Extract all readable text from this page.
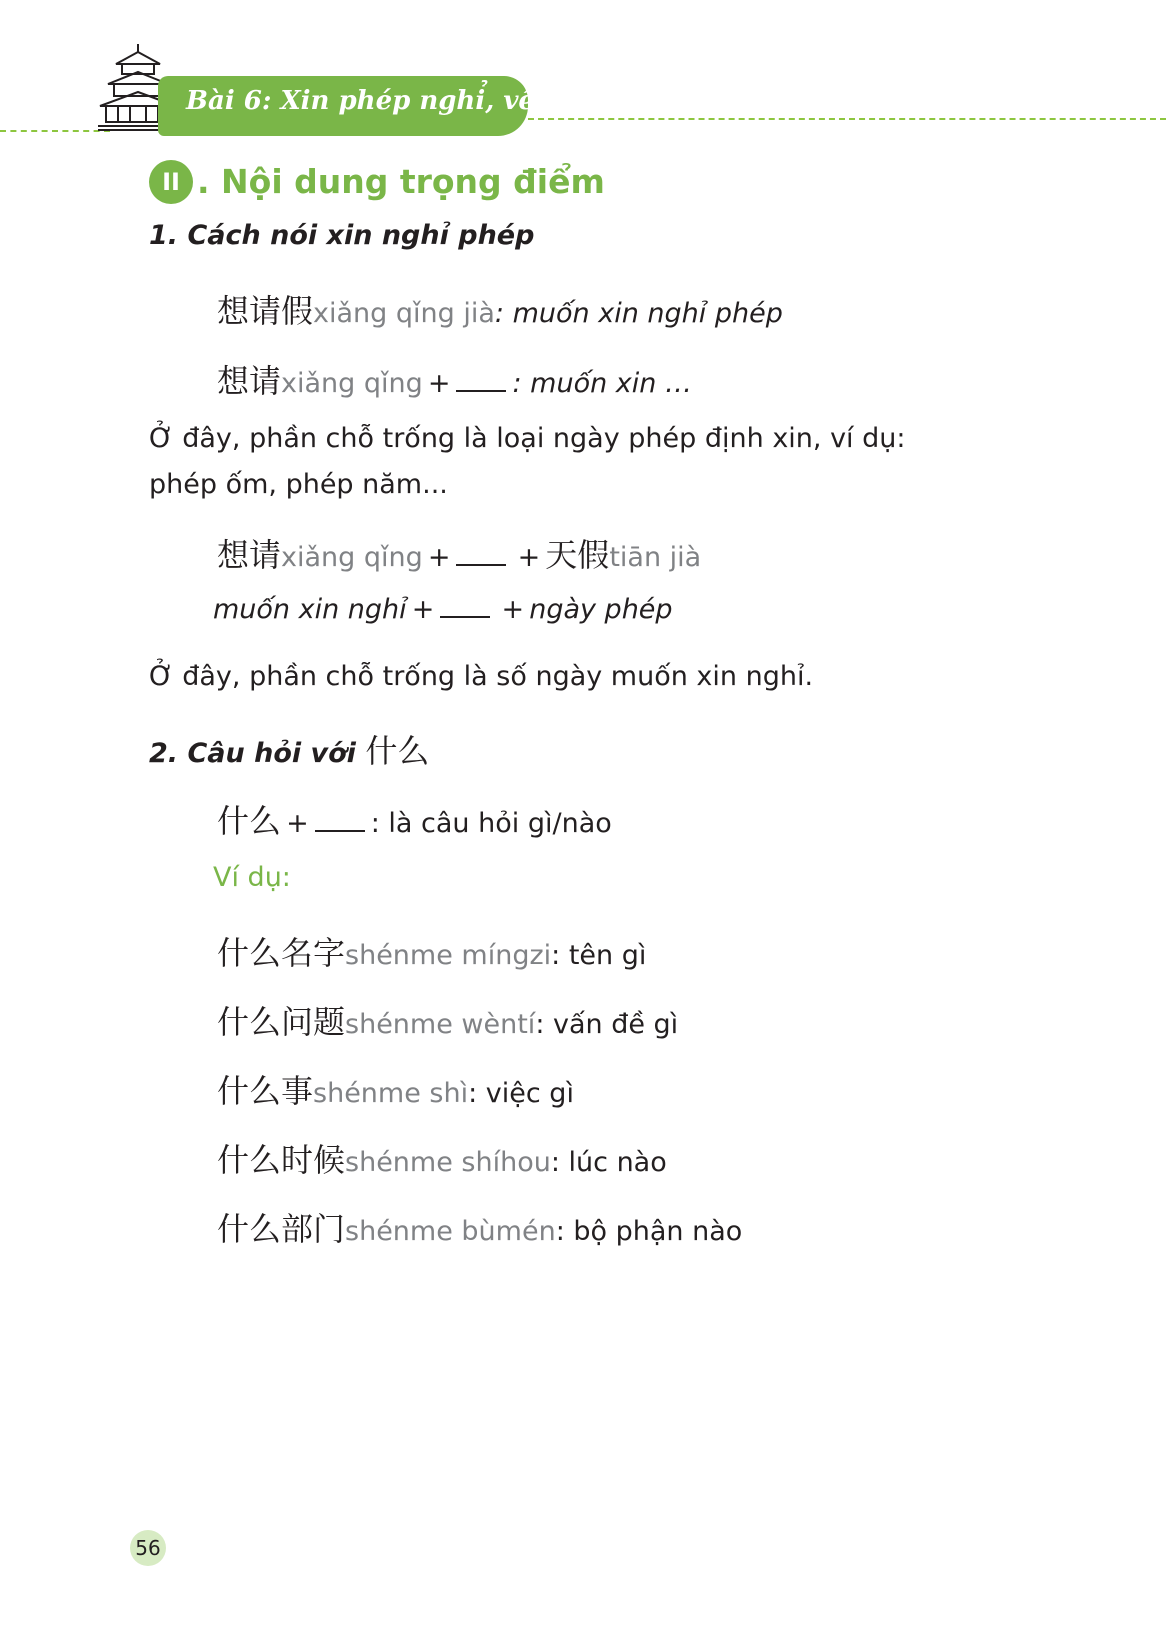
Bài 6: Xin phép nghỉ, về sớm
II . Nội dung trọng điểm
1. Cách nói xin nghỉ phép
想请假xiǎng qǐng jià: muốn xin nghỉ phép
想请xiǎng qǐng + : muốn xin …
Ở đây, phần chỗ trống là loại ngày phép định xin, ví dụ: phép ốm, phép năm...
想请xiǎng qǐng + + 天假tiān jià
muốn xin nghỉ + + ngày phép
Ở đây, phần chỗ trống là số ngày muốn xin nghỉ.
2. Câu hỏi với 什么
什么 + : là câu hỏi gì/nào
Ví dụ:
什么名字shénme míngzi: tên gì
什么问题shénme wèntí: vấn đề gì
什么事shénme shì: việc gì
什么时候shénme shíhou: lúc nào
什么部门shénme bùmén: bộ phận nào
56
